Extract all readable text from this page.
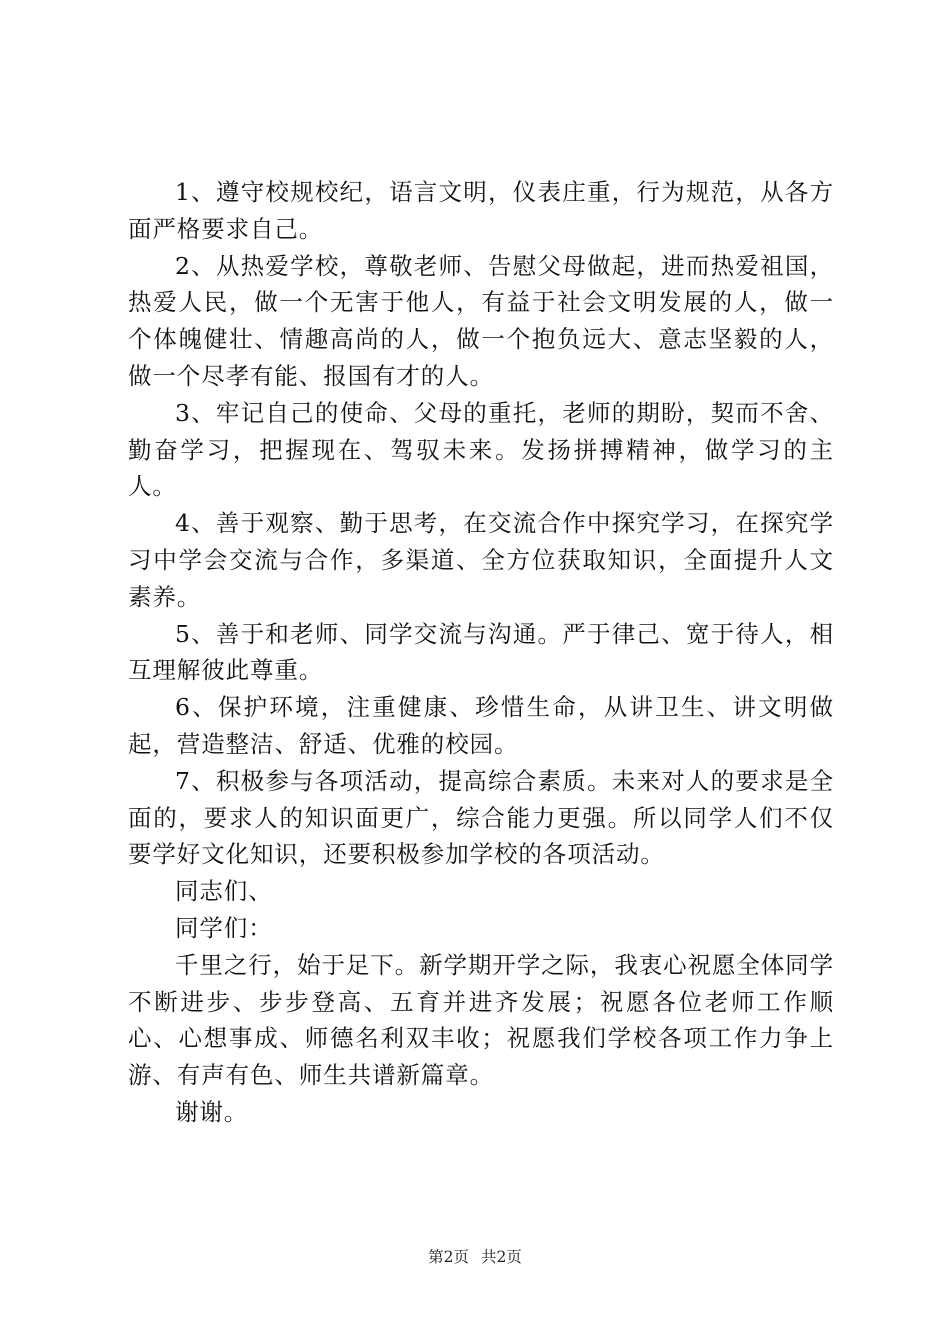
1、遵守校规校纪，语言文明，仪表庄重，行为规范，从各方面严格要求自己。

2、从热爱学校，尊敬老师、告慰父母做起，进而热爱祖国，热爱人民，做一个无害于他人，有益于社会文明发展的人，做一个体魄健壮、情趣高尚的人，做一个抱负远大、意志坚毅的人，做一个尽孝有能、报国有才的人。

3、牢记自己的使命、父母的重托，老师的期盼，契而不舍、勤奋学习，把握现在、驾驭未来。发扬拼搏精神，做学习的主人。

4、善于观察、勤于思考，在交流合作中探究学习，在探究学习中学会交流与合作，多渠道、全方位获取知识，全面提升人文素养。

5、善于和老师、同学交流与沟通。严于律己、宽于待人，相互理解彼此尊重。

6、保护环境，注重健康、珍惜生命，从讲卫生、讲文明做起，营造整洁、舒适、优雅的校园。

7、积极参与各项活动，提高综合素质。未来对人的要求是全面的，要求人的知识面更广，综合能力更强。所以同学人们不仅要学好文化知识，还要积极参加学校的各项活动。

同志们、

同学们：

千里之行，始于足下。新学期开学之际，我衷心祝愿全体同学不断进步、步步登高、五育并进齐发展；祝愿各位老师工作顺心、心想事成、师德名利双丰收；祝愿我们学校各项工作力争上游、有声有色、师生共谱新篇章。

谢谢。

第2页 共2页
